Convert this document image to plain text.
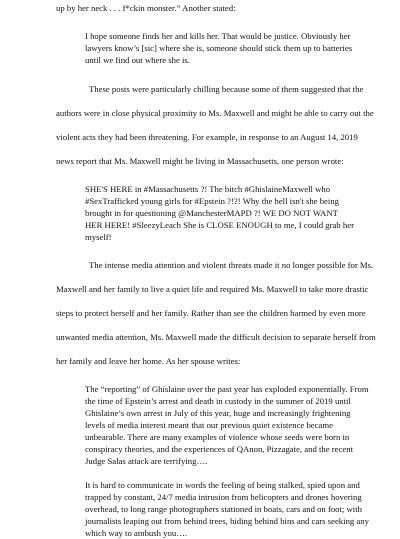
up by her neck . . . f*ckin monster.” Another stated:
I hope someone finds her and kills her. That would be justice. Obviously her
lawyers know’s [sic] where she is, someone should stick them up to batteries
until we find out where she is.
These posts were particularly chilling because some of them suggested that the
authors were in close physical proximity to Ms. Maxwell and might be able to carry out the
violent acts they had been threatening. For example, in response to an August 14, 2019
news report that Ms. Maxwell might be living in Massachusetts, one person wrote:
SHE'S HERE in #Massachusetts ?! The bitch #GhislaineMaxwell who
#SexTrafficked young girls for #Epstein ?!?! Why the hell isn't she being
brought in for questioning @ManchesterMAPD ?! WE DO NOT WANT
HER HERE! #SleezyLeach She is CLOSE ENOUGH to me, I could grab her
myself!
The intense media attention and violent threats made it no longer possible for Ms.
Maxwell and her family to live a quiet life and required Ms. Maxwell to take more drastic
steps to protect herself and her family. Rather than see the children harmed by even more
unwanted media attention, Ms. Maxwell made the difficult decision to separate herself from
her family and leave her home. As her spouse writes:
The “reporting” of Ghislaine over the past year has exploded exponentially. From
the time of Epstein’s arrest and death in custody in the summer of 2019 until
Ghislaine’s own arrest in July of this year, huge and increasingly frightening
levels of media interest meant that our previous quiet existence became
unbearable. There are many examples of violence whose seeds were born in
conspiracy theories, and the experiences of QAnon, Pizzagate, and the recent
Judge Salas attack are terrifying….
It is hard to communicate in words the feeling of being stalked, spied upon and
trapped by constant, 24/7 media intrusion from helicopters and drones hovering
overhead, to long range photographers stationed in boats, cars and on foot; with
journalists leaping out from behind trees, hiding behind bins and cars seeking any
which way to ambush you….
